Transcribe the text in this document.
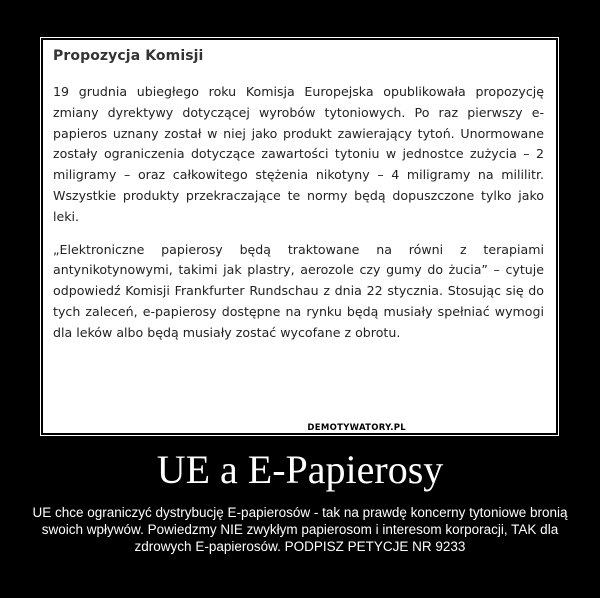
Propozycja Komisji

19 grudnia ubiegłego roku Komisja Europejska opublikowała propozycję zmiany dyrektywy dotyczącej wyrobów tytoniowych. Po raz pierwszy e-papieros uznany został w niej jako produkt zawierający tytoń. Unormowane zostały ograniczenia dotyczące zawartości tytoniu w jednostce zużycia – 2 miligramy – oraz całkowitego stężenia nikotyny – 4 miligramy na mililitr. Wszystkie produkty przekraczające te normy będą dopuszczone tylko jako leki.

„Elektroniczne papierosy będą traktowane na równi z terapiami antynikotynowymi, takimi jak plastry, aerozole czy gumy do żucia” – cytuje odpowiedź Komisji Frankfurter Rundschau z dnia 22 stycznia. Stosując się do tych zaleceń, e-papierosy dostępne na rynku będą musiały spełniać wymogi dla leków albo będą musiały zostać wycofane z obrotu.

DEMOTYWATORY.PL
UE a E-Papierosy

UE chce ograniczyć dystrybucję E-papierosów - tak na prawdę koncerny tytoniowe bronią swoich wpływów. Powiedzmy NIE zwykłym papierosom i interesom korporacji, TAK dla zdrowych E-papierosów. PODPISZ PETYCJE NR 9233
